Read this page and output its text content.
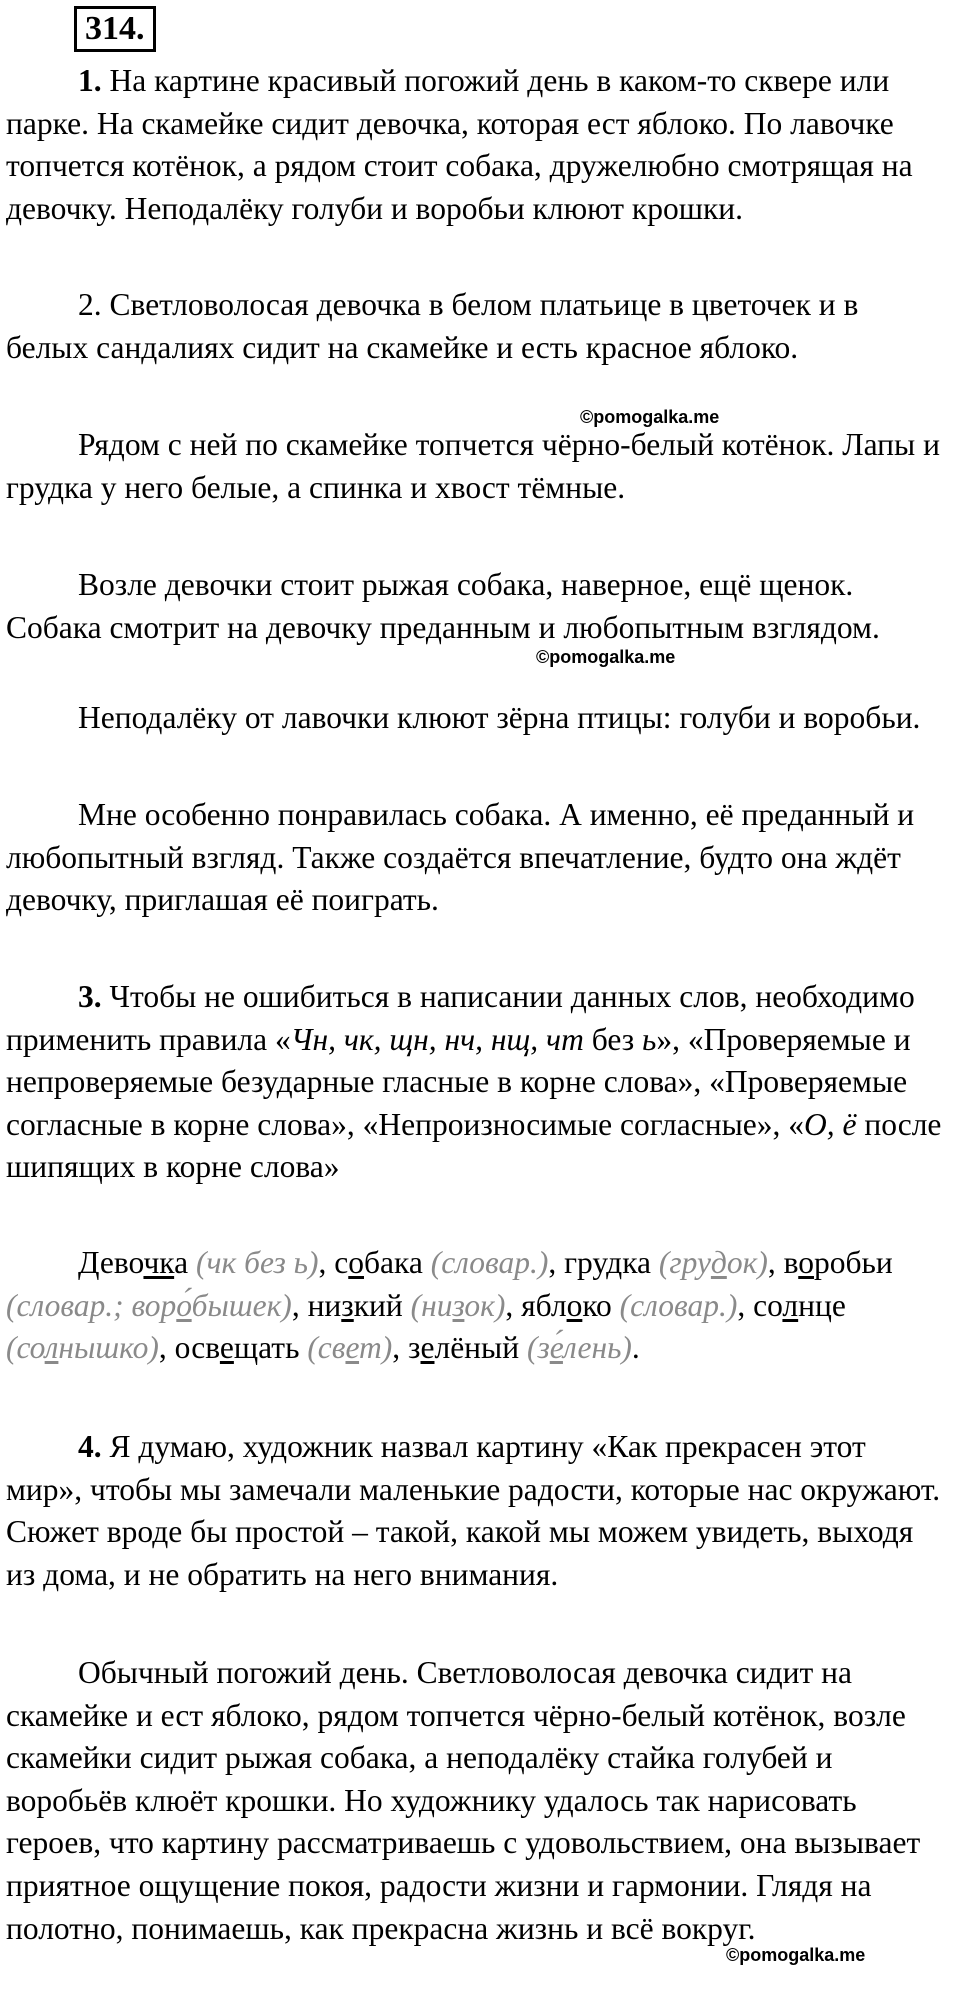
314.

1. На картине красивый погожий день в каком-то сквере или парке. На скамейке сидит девочка, которая ест яблоко. По лавочке топчется котёнок, а рядом стоит собака, дружелюбно смотрящая на девочку. Неподалёку голуби и воробьи клюют крошки.

2. Светловолосая девочка в белом платьице в цветочек и в белых сандалиях сидит на скамейке и есть красное яблоко.

©pomogalka.me

Рядом с ней по скамейке топчется чёрно-белый котёнок. Лапы и грудка у него белые, а спинка и хвост тёмные.

Возле девочки стоит рыжая собака, наверное, ещё щенок. Собака смотрит на девочку преданным и любопытным взглядом.

©pomogalka.me

Неподалёку от лавочки клюют зёрна птицы: голуби и воробьи.

Мне особенно понравилась собака. А именно, её преданный и любопытный взгляд. Также создаётся впечатление, будто она ждёт девочку, приглашая её поиграть.

3. Чтобы не ошибиться в написании данных слов, необходимо применить правила «Чн, чк, щн, нч, нщ, чт без ь», «Проверяемые и непроверяемые безударные гласные в корне слова», «Проверяемые согласные в корне слова», «Непроизносимые согласные», «О, ё после шипящих в корне слова»

Девочка (чк без ь), собака (словар.), грудка (грудок), воробьи (словар.; воро́бышек), низкий (низок), яблоко (словар.), солнце (солнышко), освещать (свет), зелёный (зе́лень).

4. Я думаю, художник назвал картину «Как прекрасен этот мир», чтобы мы замечали маленькие радости, которые нас окружают. Сюжет вроде бы простой – такой, какой мы можем увидеть, выходя из дома, и не обратить на него внимания.

Обычный погожий день. Светловолосая девочка сидит на скамейке и ест яблоко, рядом топчется чёрно-белый котёнок, возле скамейки сидит рыжая собака, а неподалёку стайка голубей и воробьёв клюёт крошки. Но художнику удалось так нарисовать героев, что картину рассматриваешь с удовольствием, она вызывает приятное ощущение покоя, радости жизни и гармонии. Глядя на полотно, понимаешь, как прекрасна жизнь и всё вокруг.

©pomogalka.me
